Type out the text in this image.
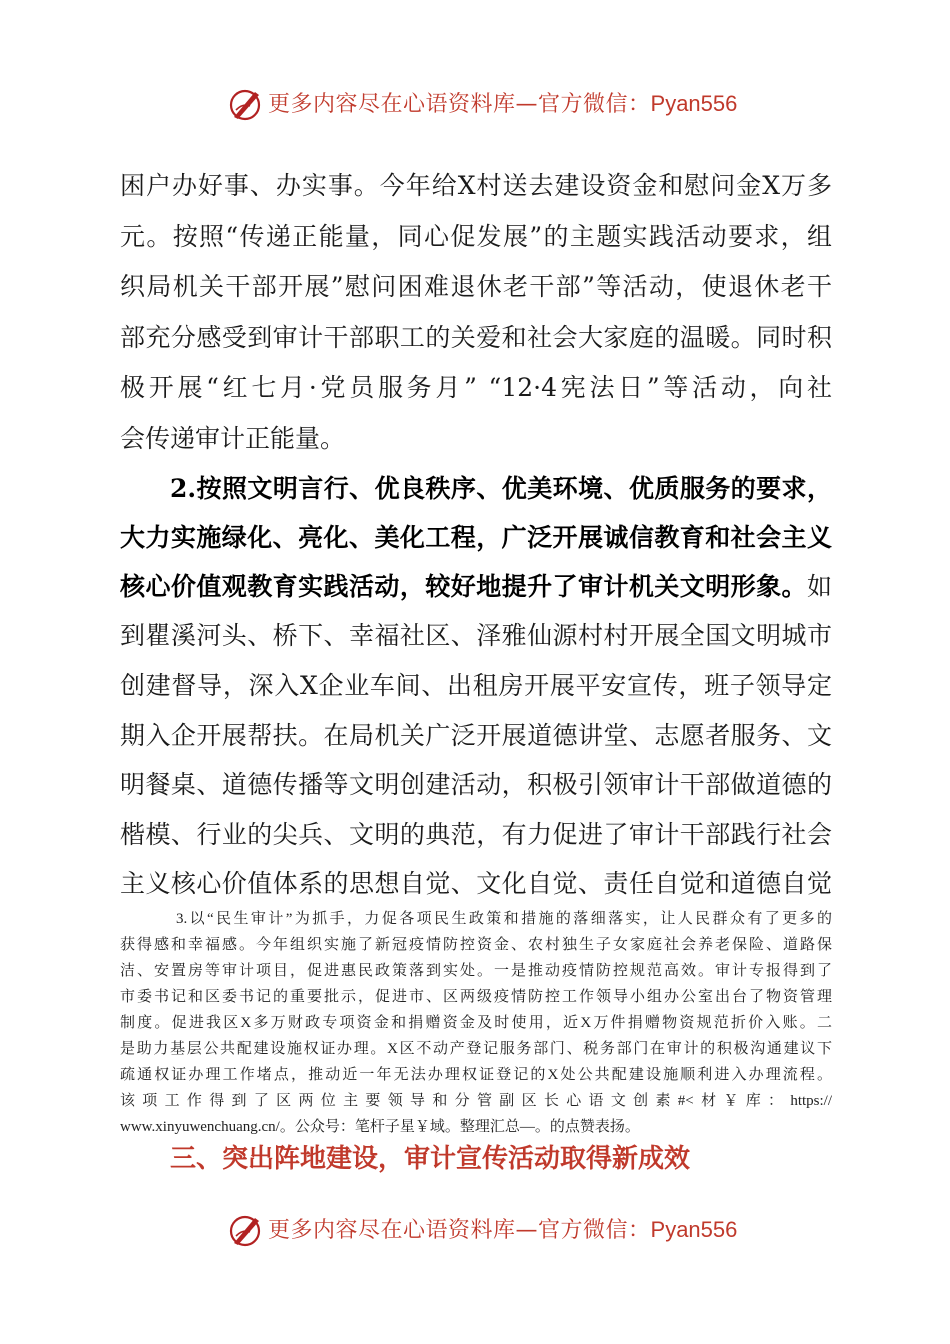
更多内容尽在心语资料库—官方微信：Pyan556
困户办好事、办实事。今年给X村送去建设资金和慰问金X万多
元。按照“传递正能量，同心促发展”的主题实践活动要求，组
织局机关干部开展”慰问困难退休老干部”等活动，使退休老干
部充分感受到审计干部职工的关爱和社会大家庭的温暖。同时积
极开展“红七月·党员服务月” “12·4宪法日”等活动，向社
会传递审计正能量。
2.按照文明言行、优良秩序、优美环境、优质服务的要求，
大力实施绿化、亮化、美化工程，广泛开展诚信教育和社会主义
核心价值观教育实践活动，较好地提升了审计机关文明形象。如
到瞿溪河头、桥下、幸福社区、泽雅仙源村村开展全国文明城市
创建督导，深入X企业车间、出租房开展平安宣传，班子领导定
期入企开展帮扶。在局机关广泛开展道德讲堂、志愿者服务、文
明餐桌、道德传播等文明创建活动，积极引领审计干部做道德的
楷模、行业的尖兵、文明的典范，有力促进了审计干部践行社会
主义核心价值体系的思想自觉、文化自觉、责任自觉和道德自觉
3.以“民生审计”为抓手，力促各项民生政策和措施的落细落实，让人民群众有了更多的
获得感和幸福感。今年组织实施了新冠疫情防控资金、农村独生子女家庭社会养老保险、道路保
洁、安置房等审计项目，促进惠民政策落到实处。一是推动疫情防控规范高效。审计专报得到了
市委书记和区委书记的重要批示，促进市、区两级疫情防控工作领导小组办公室出台了物资管理
制度。促进我区X多万财政专项资金和捐赠资金及时使用，近X万件捐赠物资规范折价入账。二
是助力基层公共配建设施权证办理。X区不动产登记服务部门、税务部门在审计的积极沟通建议下
疏通权证办理工作堵点，推动近一年无法办理权证登记的X处公共配建设施顺利进入办理流程。
该项工作得到了区两位主要领导和分管副区长心语文创素#<材￥库：https://
www.xinyuwenchuang.cn/。公众号：笔杆子星￥域。整理汇总—。的点赞表扬。
三、突出阵地建设，审计宣传活动取得新成效
更多内容尽在心语资料库—官方微信：Pyan556
